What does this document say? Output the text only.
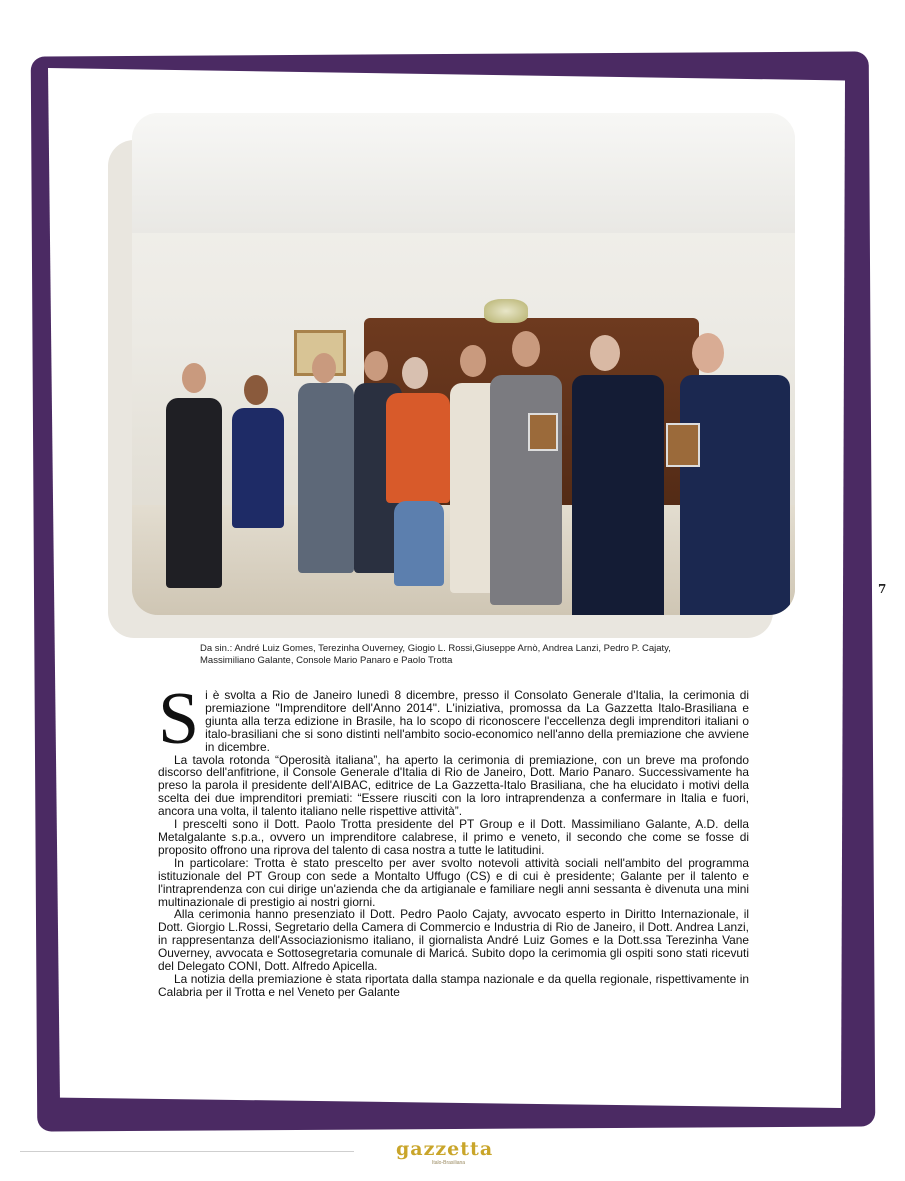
Da sin.: André Luiz Gomes, Terezinha Ouverney, Giogio L. Rossi,Giuseppe Arnò, Andrea Lanzi, Pedro P. Cajaty, Massimiliano Galante, Console Mario Panaro e Paolo Trotta

Si è svolta a Rio de Janeiro lunedì 8 dicembre, presso il Consolato Generale d'Italia, la cerimonia di premiazione "Imprenditore dell'Anno 2014". L'iniziativa, promossa da La Gazzetta Italo-Brasiliana e giunta alla terza edizione in Brasile, ha lo scopo di riconoscere l'eccellenza degli imprenditori italiani o italo-brasiliani che si sono distinti nell'ambito socio-economico nell'anno della premiazione che avviene in dicembre.

La tavola rotonda “Operosità italiana”, ha aperto la cerimonia di premiazione, con un breve ma profondo discorso dell'anfitrione, il Console Generale d'Italia di Rio de Janeiro, Dott. Mario Panaro. Successivamente ha preso la parola il presidente dell'AIBAC, editrice de La Gazzetta-Italo Brasiliana, che ha elucidato i motivi della scelta dei due imprenditori premiati: “Essere riusciti con la loro intraprendenza a confermare in Italia e fuori, ancora una volta, il talento italiano nelle rispettive attività”.

I prescelti sono il Dott. Paolo Trotta presidente del PT Group e il Dott. Massimiliano Galante, A.D. della Metalgalante s.p.a., ovvero un imprenditore calabrese, il primo e veneto, il secondo che come se fosse di proposito offrono una riprova del talento di casa nostra a tutte le latitudini.

In particolare: Trotta è stato prescelto per aver svolto notevoli attività sociali nell'ambito del programma istituzionale del PT Group con sede a Montalto Uffugo (CS) e di cui è presidente; Galante per il talento e l'intraprendenza con cui dirige un'azienda che da artigianale e familiare negli anni sessanta è divenuta una mini multinazionale di prestigio ai nostri giorni.

Alla cerimonia hanno presenziato il Dott. Pedro Paolo Cajaty, avvocato esperto in Diritto Internazionale, il Dott. Giorgio L.Rossi, Segretario della Camera di Commercio e Industria di Rio de Janeiro, il Dott. Andrea Lanzi, in rappresentanza dell'Associazionismo italiano, il giornalista André Luiz Gomes e la Dott.ssa Terezinha Vane Ouverney, avvocata e Sottosegretaria comunale di Maricá. Subito dopo la cerimomia gli ospiti sono stati ricevuti del Delegato CONI, Dott. Alfredo Apicella.

La notizia della premiazione è stata riportata dalla stampa nazionale e da quella regionale, rispettivamente in Calabria per il Trotta e nel Veneto per Galante

7
gazzetta
Italo-Brasiliana
